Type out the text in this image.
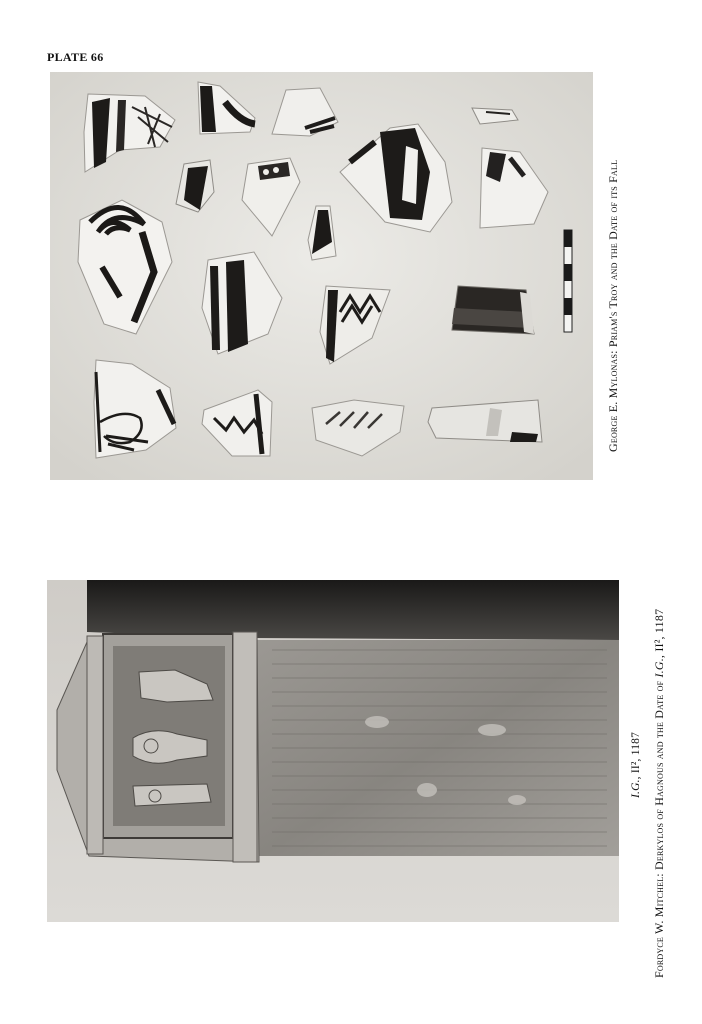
PLATE 66
George E. Mylonas: Priam's Troy and the Date of its Fall
I.G., II², 1187 Fordyce W. Mitchel: Derkylos of Hagnous and the Date of I.G., II², 1187
